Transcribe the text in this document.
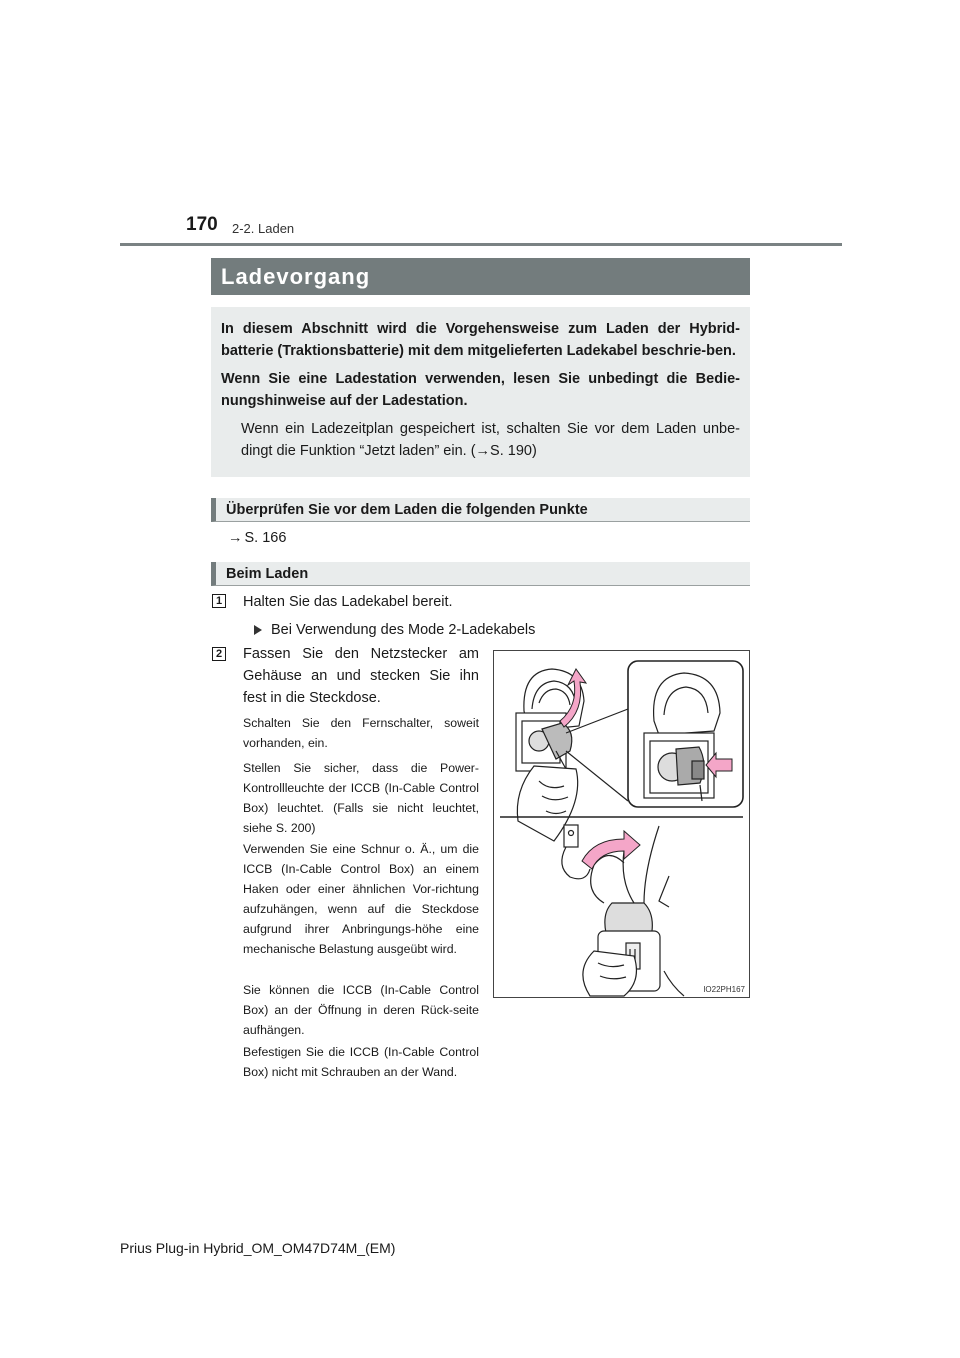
170 2-2. Laden
Ladevorgang

In diesem Abschnitt wird die Vorgehensweise zum Laden der Hybrid-batterie (Traktionsbatterie) mit dem mitgelieferten Ladekabel beschrie-ben.

Wenn Sie eine Ladestation verwenden, lesen Sie unbedingt die Bedie-nungshinweise auf der Ladestation.

Wenn ein Ladezeitplan gespeichert ist, schalten Sie vor dem Laden unbe-dingt die Funktion “Jetzt laden” ein. (→S. 190)

Überprüfen Sie vor dem Laden die folgenden Punkte
→ S. 166
Beim Laden
1 Halten Sie das Ladekabel bereit.
Bei Verwendung des Mode 2-Ladekabels
2 Fassen Sie den Netzstecker am Gehäuse an und stecken Sie ihn fest in die Steckdose.
Schalten Sie den Fernschalter, soweit vorhanden, ein.
Stellen Sie sicher, dass die Power-Kontrollleuchte der ICCB (In-Cable Control Box) leuchtet. (Falls sie nicht leuchtet, siehe S. 200)
Verwenden Sie eine Schnur o. Ä., um die ICCB (In-Cable Control Box) an einem Haken oder einer ähnlichen Vor-richtung aufzuhängen, wenn auf die Steckdose aufgrund ihrer Anbringungs-höhe eine mechanische Belastung ausgeübt wird.
Sie können die ICCB (In-Cable Control Box) an der Öffnung in deren Rück-seite aufhängen.
Befestigen Sie die ICCB (In-Cable Control Box) nicht mit Schrauben an der Wand.
IO22PH167
Prius Plug-in Hybrid_OM_OM47D74M_(EM)
